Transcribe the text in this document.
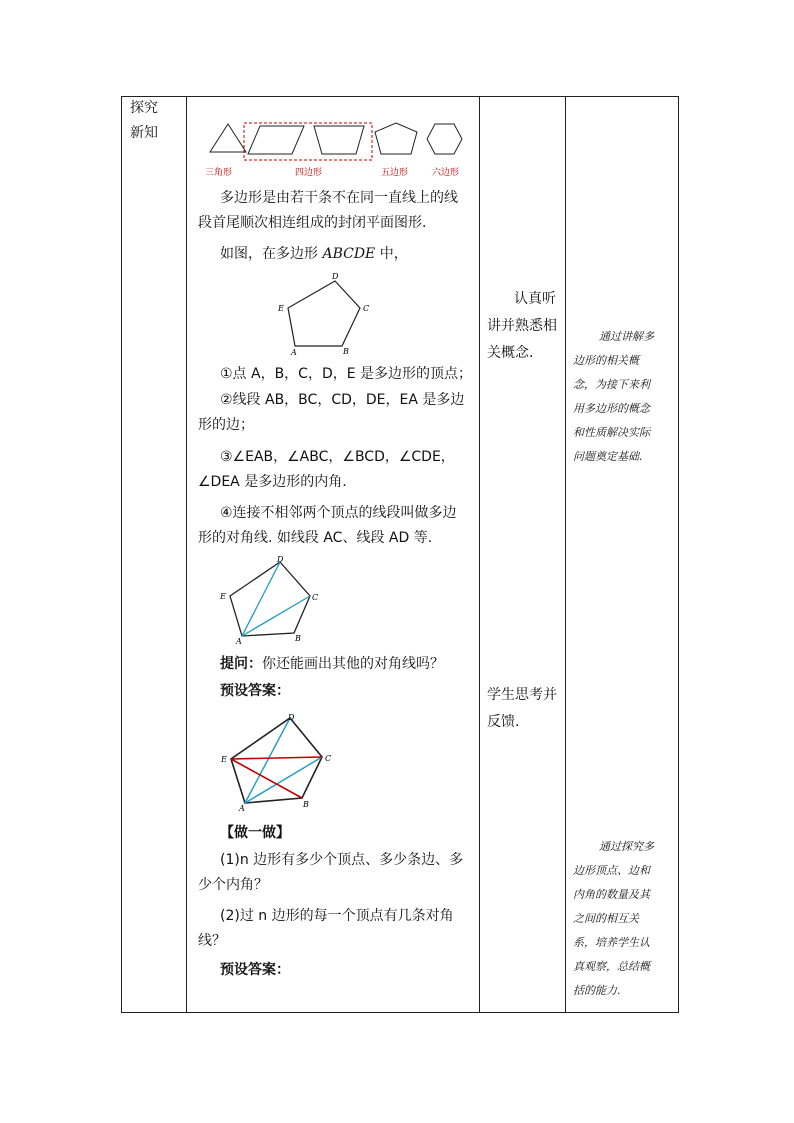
探究
新知
三角形	四边形	五边形	六边形
多边形是由若干条不在同一直线上的线
段首尾顺次相连组成的封闭平面图形.
如图，在多边形 ABCDE 中，
D
C
E
A	B
①点 A，B，C，D，E 是多边形的顶点；
②线段 AB，BC，CD，DE，EA 是多边
形的边；
③∠EAB，∠ABC，∠BCD，∠CDE，
∠DEA 是多边形的内角.
④连接不相邻两个顶点的线段叫做多边
形的对角线. 如线段 AC、线段 AD 等.
D
C
E
A	B
提问：你还能画出其他的对角线吗？
预设答案：
D
C
E
A	B
【做一做】
(1)n 边形有多少个顶点、多少条边、多
少个内角？
(2)过 n 边形的每一个顶点有几条对角
线？
预设答案：
认真听
讲并熟悉相
关概念.
学生思考并
反馈.
通过讲解多
边形的相关概
念，为接下来利
用多边形的概念
和性质解决实际
问题奠定基础.
通过探究多
边形顶点、边和
内角的数量及其
之间的相互关
系，培养学生认
真观察，总结概
括的能力.
